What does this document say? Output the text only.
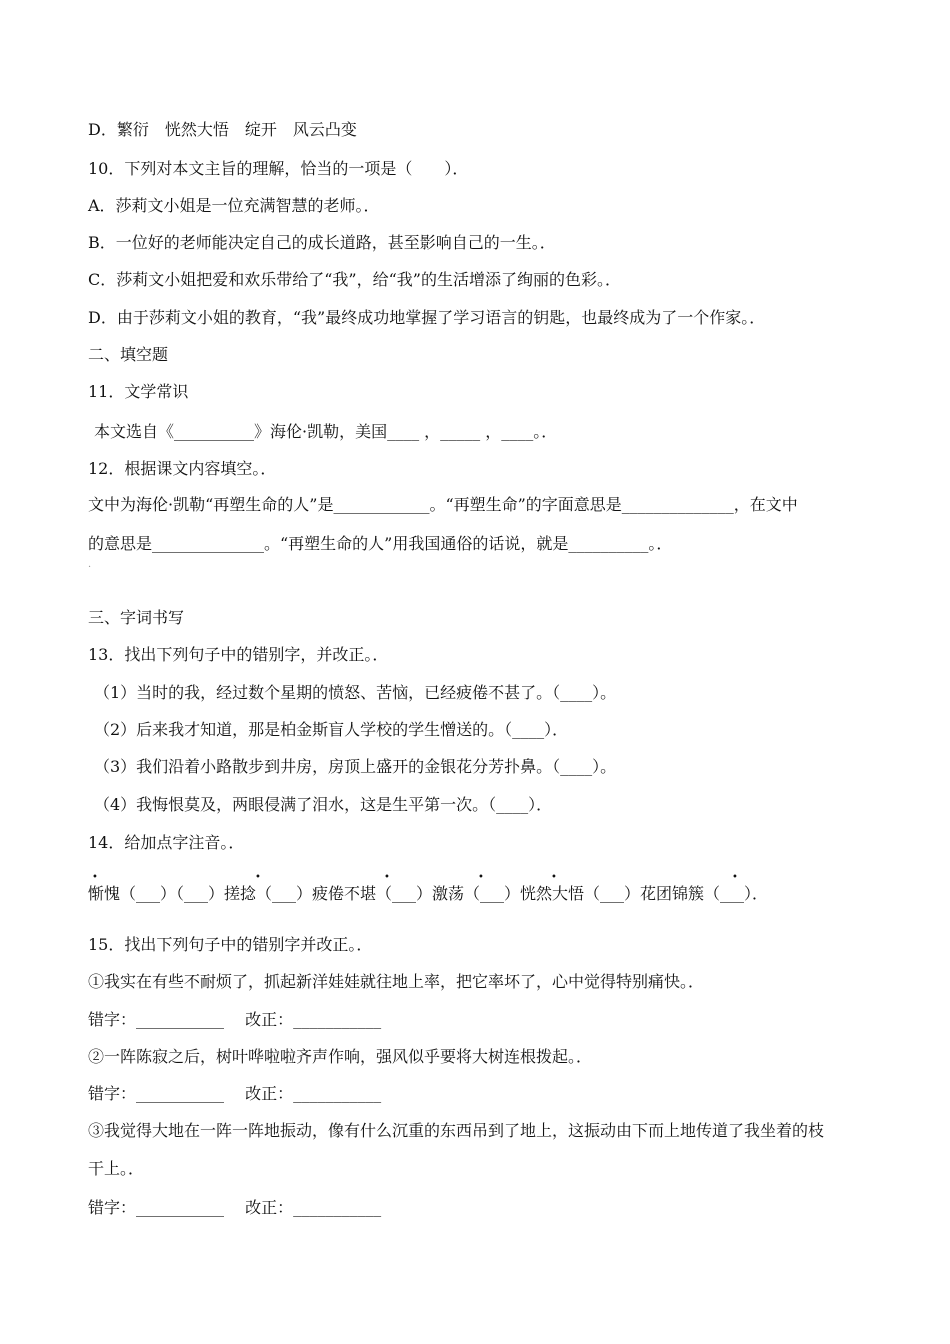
D．繁衍　恍然大悟　绽开　风云凸变
10．下列对本文主旨的理解，恰当的一项是（　　）．
A．莎莉文小姐是一位充满智慧的老师。．
B．一位好的老师能决定自己的成长道路，甚至影响自己的一生。．
C．莎莉文小姐把爱和欢乐带给了“我”，给“我”的生活增添了绚丽的色彩。．
D．由于莎莉文小姐的教育，“我”最终成功地掌握了学习语言的钥匙，也最终成为了一个作家。．
二、填空题
11．文学常识
本文选自《__________》海伦·凯勒，美国____ ，_____ ，____。．
12．根据课文内容填空。．
文中为海伦·凯勒“再塑生命的人”是____________。“再塑生命”的字面意思是______________，在文中
的意思是______________。“再塑生命的人”用我国通俗的话说，就是__________。．
．
三、字词书写
13．找出下列句子中的错别字，并改正。．
（1）当时的我，经过数个星期的愤怒、苦恼，已经疲倦不甚了。（____）。
（2）后来我才知道，那是柏金斯盲人学校的学生憎送的。（____）．
（3）我们沿着小路散步到井房，房顶上盛开的金银花分芳扑鼻。（____）。
（4）我悔恨莫及，两眼侵满了泪水，这是生平第一次。（____）．
14．给加点字注音。．
•	•	•	•	•	•
惭愧（___）（___）搓捻（___）疲倦不堪（___）激荡（___）恍然大悟（___）花团锦簇（___）．
15．找出下列句子中的错别字并改正。．
①我实在有些不耐烦了，抓起新洋娃娃就往地上率，把它率坏了，心中觉得特别痛快。．
错字：___________　 改正：___________
②一阵陈寂之后，树叶哗啦啦齐声作响，强风似乎要将大树连根拨起。．
错字：___________　 改正：___________
③我觉得大地在一阵一阵地振动，像有什么沉重的东西吊到了地上，这振动由下而上地传道了我坐着的枝
干上。．
错字：___________　 改正：___________
